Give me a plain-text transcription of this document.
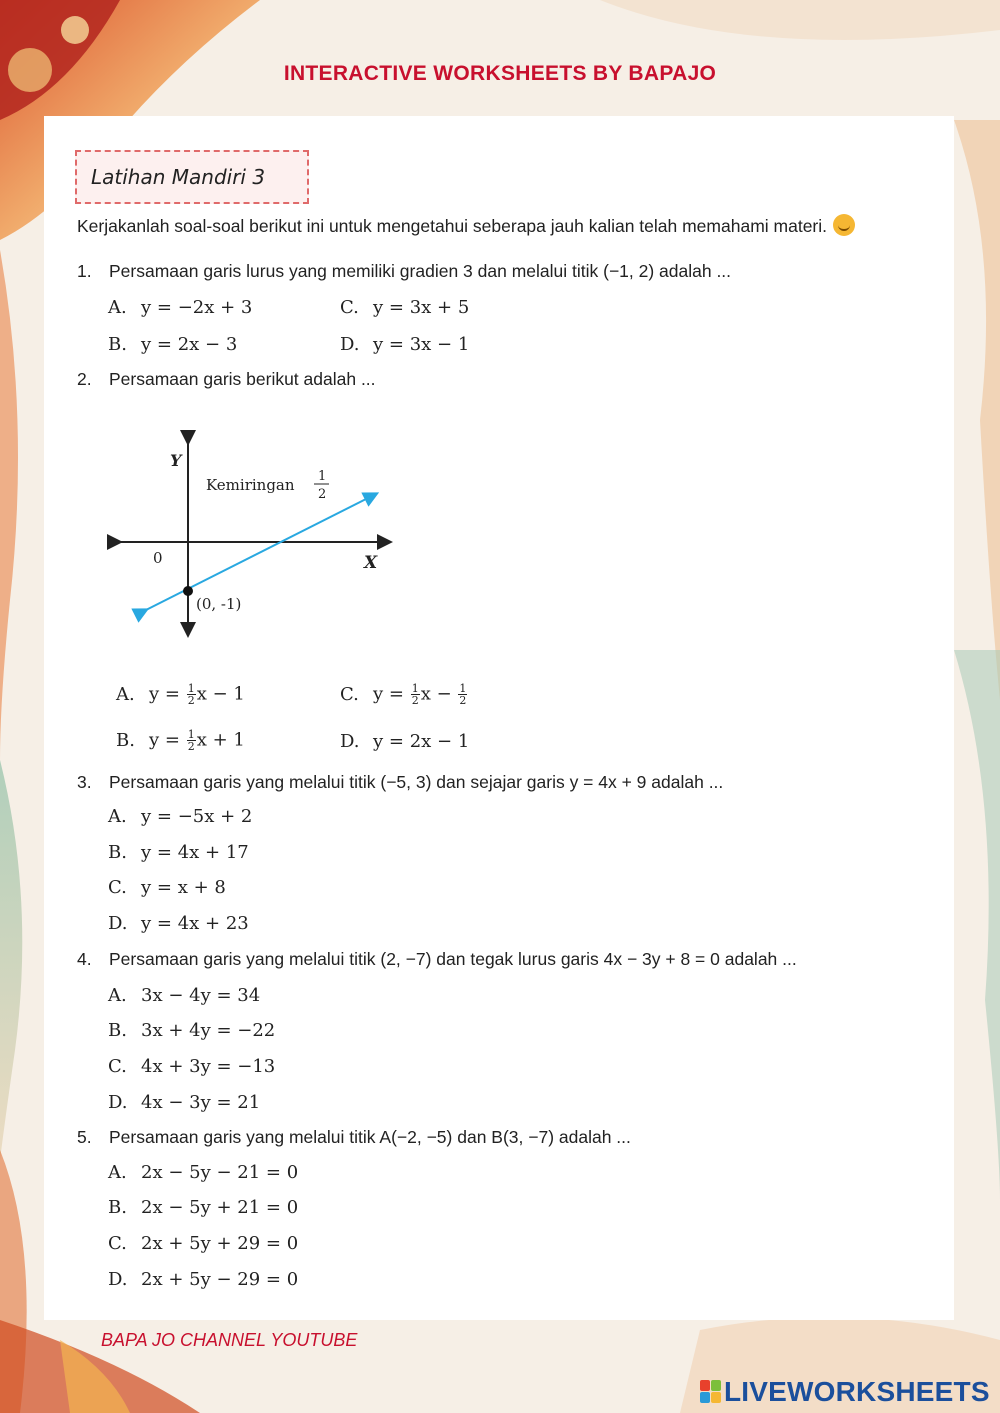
INTERACTIVE WORKSHEETS BY BAPAJO
Latihan Mandiri 3
Kerjakanlah soal-soal berikut ini untuk mengetahui seberapa jauh kalian telah memahami materi.
1. Persamaan garis lurus yang memiliki gradien 3 dan melalui titik (−1, 2) adalah ...
A. y = −2x + 3	C. y = 3x + 5
B. y = 2x − 3	D. y = 3x − 1
2. Persamaan garis berikut adalah ...
Y
X
0
Kemiringan 1
2
(0, -1)
A. $y = \frac{1}{2}$ x − 1	C. $y = \frac{1}{2}$ $x - \frac{1}{2}$
B. $y = \frac{1}{2}$ x + 1	D. y = 2x − 1
3. Persamaan garis yang melalui titik (−5, 3) dan sejajar garis y = 4x + 9 adalah ...
A. y = −5x + 2
B. y = 4x + 17
C. y = x + 8
D. y = 4x + 23
4. Persamaan garis yang melalui titik (2, −7) dan tegak lurus garis 4x − 3y + 8 = 0 adalah ...
A. 3x − 4y = 34
B. 3x + 4y = −22
C. 4x + 3y = −13
D. 4x − 3y = 21
5. Persamaan garis yang melalui titik A(−2, −5) dan B(3, −7) adalah ...
A. 2x − 5y − 21 = 0
B. 2x − 5y + 21 = 0
C. 2x + 5y + 29 = 0
D. 2x + 5y − 29 = 0
BAPA JO CHANNEL YOUTUBE
LIVEWORKSHEETS
